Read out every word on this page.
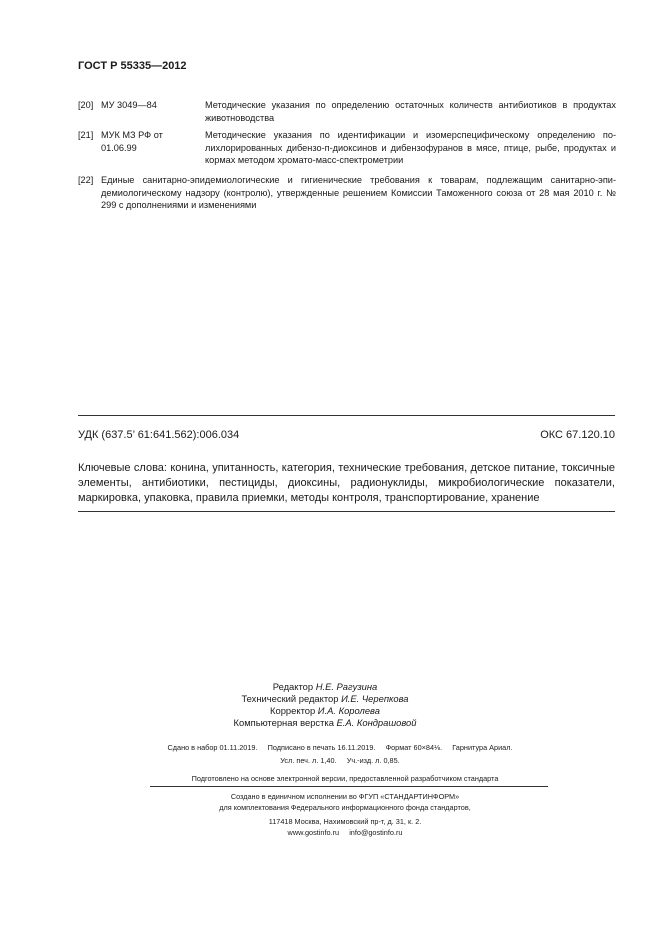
ГОСТ Р 55335—2012
[20] МУ 3049—84	Методические указания по определению остаточных количеств антибиотиков в продуктах животноводства
[21] МУК МЗ РФ от 01.06.99
Методические указания по идентификации и изомерспецифическому определению полихлорированных дибензо-п-диоксинов и дибензофуранов в мясе, птице, рыбе, продуктах и кормах методом хромато-масс-спектрометрии
[22] Единые санитарно-эпидемиологические и гигиенические требования к товарам, подлежащим санитарно-эпидемиологическому надзору (контролю), утвержденные решением Комиссии Таможенного союза от 28 мая 2010 г. № 299 с дополнениями и изменениями
УДК (637.5’ 61:641.562):006.034	ОКС 67.120.10
Ключевые слова: конина, упитанность, категория, технические требования, детское питание, токсичные элементы, антибиотики, пестициды, диоксины, радионуклиды, микробиологические показатели, маркировка, упаковка, правила приемки, методы контроля, транспортирование, хранение
Редактор Н.Е. Рагузина
Технический редактор И.Е. Черепкова
Корректор И.А. Королева
Компьютерная верстка Е.А. Кондрашовой
Сдано в набор 01.11.2019.     Подписано в печать 16.11.2019.     Формат 60×84⅛.     Гарнитура Ариал.
Усл. печ. л. 1,40.     Уч.-изд. л. 0,85.
Подготовлено на основе электронной версии, предоставленной разработчиком стандарта
Создано в единичном исполнении во ФГУП «СТАНДАРТИНФОРМ»
для комплектования Федерального информационного фонда стандартов,
117418 Москва, Нахимовский пр-т, д. 31, к. 2.
www.gostinfo.ru     info@gostinfo.ru
